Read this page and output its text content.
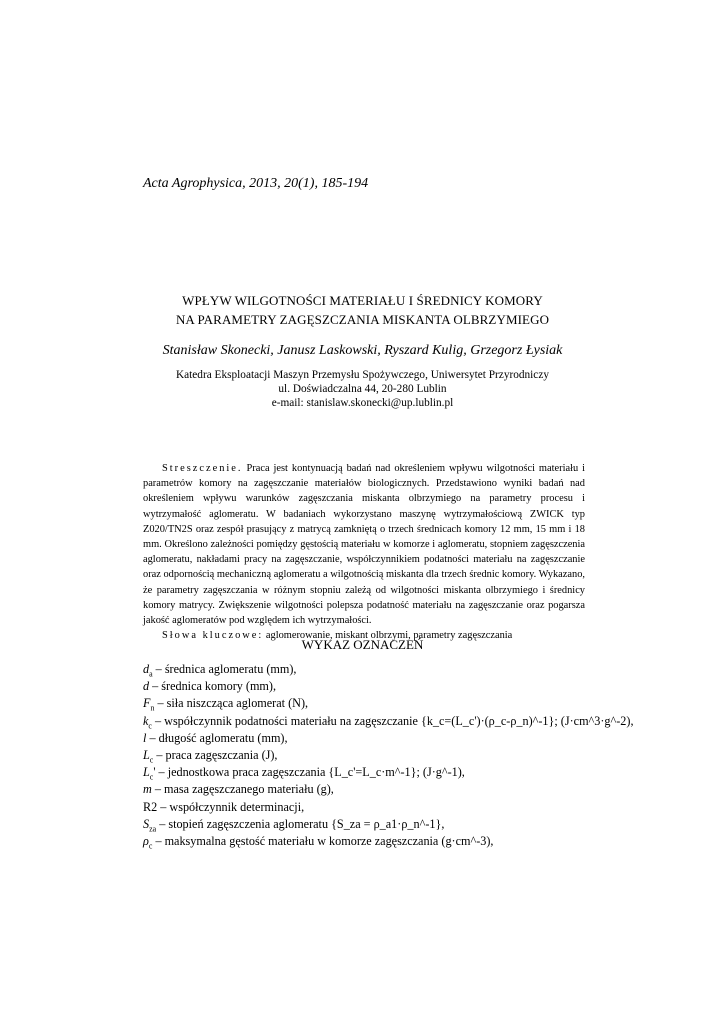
Acta Agrophysica, 2013, 20(1), 185-194
WPŁYW WILGOTNOŚCI MATERIAŁU I ŚREDNICY KOMORY
NA PARAMETRY ZAGĘSZCZANIA MISKANTA OLBRZYMIEGO
Stanisław Skonecki, Janusz Laskowski, Ryszard Kulig, Grzegorz Łysiak
Katedra Eksploatacji Maszyn Przemysłu Spożywczego, Uniwersytet Przyrodniczy
ul. Doświadczalna 44, 20-280 Lublin
e-mail: stanislaw.skonecki@up.lublin.pl

Streszczenie. Praca jest kontynuacją badań nad określeniem wpływu wilgotności materiału i parametrów komory na zagęszczanie materiałów biologicznych. Przedstawiono wyniki badań nad określeniem wpływu warunków zagęszczania miskanta olbrzymiego na parametry procesu i wytrzymałość aglomeratu. W badaniach wykorzystano maszynę wytrzymałościową ZWICK typ Z020/TN2S oraz zespół prasujący z matrycą zamkniętą o trzech średnicach komory 12 mm, 15 mm i 18 mm. Określono zależności pomiędzy gęstością materiału w komorze i aglomeratu, stopniem zagęszczenia aglomeratu, nakładami pracy na zagęszczanie, współczynnikiem podatności materiału na zagęszczanie oraz odpornością mechaniczną aglomeratu a wilgotnością miskanta dla trzech średnic komory. Wykazano, że parametry zagęszczania w różnym stopniu zależą od wilgotności miskanta olbrzymiego i średnicy komory matrycy. Zwiększenie wilgotności polepsza podatność materiału na zagęszczanie oraz pogarsza jakość aglomeratów pod względem ich wytrzymałości.

Słowa kluczowe: aglomerowanie, miskant olbrzymi, parametry zagęszczania

WYKAZ OZNACZEŃ
$d_a$ – średnica aglomeratu (mm),
d – średnica komory (mm),
$F_n$ – siła niszcząca aglomerat (N),
$k_c$ – współczynnik podatności materiału na zagęszczanie {k_c=(L_c')·(ρ_c-ρ_n)^-1}; (J·cm^3·g^-2),
l – długość aglomeratu (mm),
$L_c$ – praca zagęszczania (J),
$L_c'$ – jednostkowa praca zagęszczania {L_c'=L_c·m^-1}; (J·g^-1),
m – masa zagęszczanego materiału (g),
R2 – współczynnik determinacji,
$S_{za}$ – stopień zagęszczenia aglomeratu {S_za = ρ_a1·ρ_n^-1},
$\rho_c$ – maksymalna gęstość materiału w komorze zagęszczania (g·cm^-3),
